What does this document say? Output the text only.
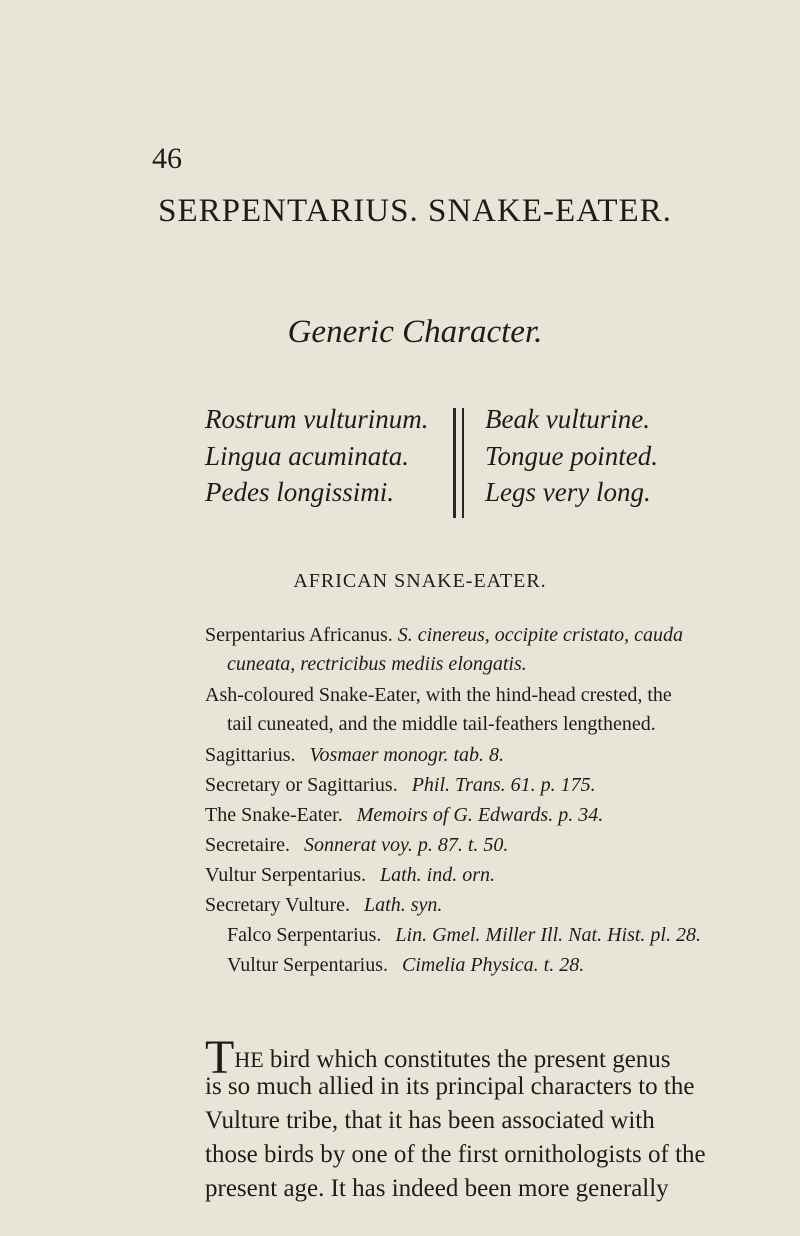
46
SERPENTARIUS. SNAKE-EATER.
Generic Character.
Rostrum vulturinum. Beak vulturine.
Lingua acuminata.	Tongue pointed.
Pedes longissimi.	Legs very long.
AFRICAN SNAKE-EATER.
Serpentarius Africanus. S. cinereus, occipite cristato, cauda
cuneata, rectricibus mediis elongatis.
Ash-coloured Snake-Eater, with the hind-head crested, the
tail cuneated, and the middle tail-feathers lengthened.
Sagittarius. Vosmaer monogr. tab. 8.
Secretary or Sagittarius. Phil. Trans. 61. p. 175.
The Snake-Eater. Memoirs of G. Edwards. p. 34.
Secretaire. Sonnerat voy. p. 87. t. 50.
Vultur Serpentarius. Lath. ind. orn.
Secretary Vulture. Lath. syn.
Falco Serpentarius. Lin. Gmel. Miller Ill. Nat. Hist. pl. 28.
Vultur Serpentarius. Cimelia Physica. t. 28.
THE bird which constitutes the present genus
is so much allied in its principal characters to the
Vulture tribe, that it has been associated with
those birds by one of the first ornithologists of the
present age. It has indeed been more generally
